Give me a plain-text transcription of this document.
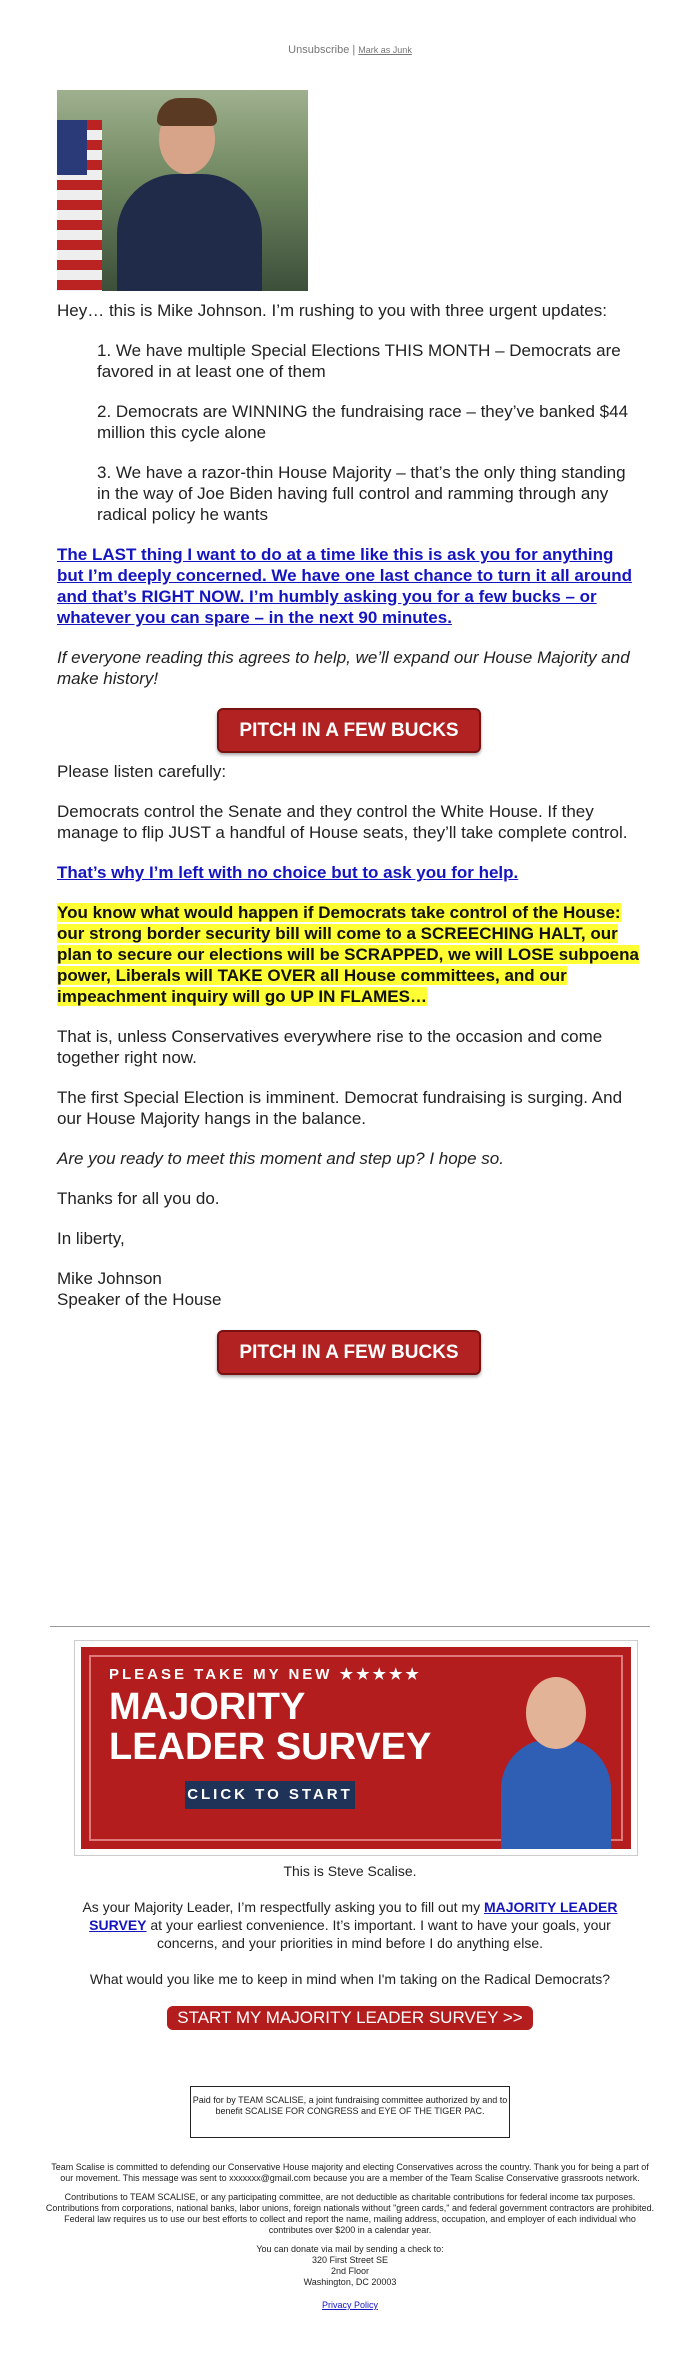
Unsubscribe | Mark as Junk

Hey… this is Mike Johnson. I’m rushing to you with three urgent updates:

1. We have multiple Special Elections THIS MONTH – Democrats are favored in at least one of them
2. Democrats are WINNING the fundraising race – they’ve banked $44 million this cycle alone
3. We have a razor-thin House Majority – that’s the only thing standing in the way of Joe Biden having full control and ramming through any radical policy he wants

The LAST thing I want to do at a time like this is ask you for anything but I’m deeply concerned. We have one last chance to turn it all around and that’s RIGHT NOW. I’m humbly asking you for a few bucks – or whatever you can spare – in the next 90 minutes.

If everyone reading this agrees to help, we’ll expand our House Majority and make history!

PITCH IN A FEW BUCKS

Please listen carefully:

Democrats control the Senate and they control the White House. If they manage to flip JUST a handful of House seats, they’ll take complete control.

That’s why I’m left with no choice but to ask you for help.

You know what would happen if Democrats take control of the House: our strong border security bill will come to a SCREECHING HALT, our plan to secure our elections will be SCRAPPED, we will LOSE subpoena power, Liberals will TAKE OVER all House committees, and our impeachment inquiry will go UP IN FLAMES…

That is, unless Conservatives everywhere rise to the occasion and come together right now.

The first Special Election is imminent. Democrat fundraising is surging. And our House Majority hangs in the balance.

Are you ready to meet this moment and step up? I hope so.

Thanks for all you do.

In liberty,

Mike Johnson
Speaker of the House

PITCH IN A FEW BUCKS
PLEASE TAKE MY NEW ★★★★★
MAJORITY
LEADER SURVEY
CLICK TO START

This is Steve Scalise.

As your Majority Leader, I’m respectfully asking you to fill out my MAJORITY LEADER SURVEY at your earliest convenience. It’s important. I want to have your goals, your concerns, and your priorities in mind before I do anything else.

What would you like me to keep in mind when I'm taking on the Radical Democrats?

START MY MAJORITY LEADER SURVEY >>
Paid for by TEAM SCALISE, a joint fundraising committee authorized by and to benefit SCALISE FOR CONGRESS and EYE OF THE TIGER PAC.

Team Scalise is committed to defending our Conservative House majority and electing Conservatives across the country. Thank you for being a part of our movement. This message was sent to xxxxxxx@gmail.com because you are a member of the Team Scalise Conservative grassroots network.

Contributions to TEAM SCALISE, or any participating committee, are not deductible as charitable contributions for federal income tax purposes. Contributions from corporations, national banks, labor unions, foreign nationals without "green cards," and federal government contractors are prohibited. Federal law requires us to use our best efforts to collect and report the name, mailing address, occupation, and employer of each individual who contributes over $200 in a calendar year.

You can donate via mail by sending a check to:

320 First Street SE

2nd Floor

Washington, DC 20003

Privacy Policy
